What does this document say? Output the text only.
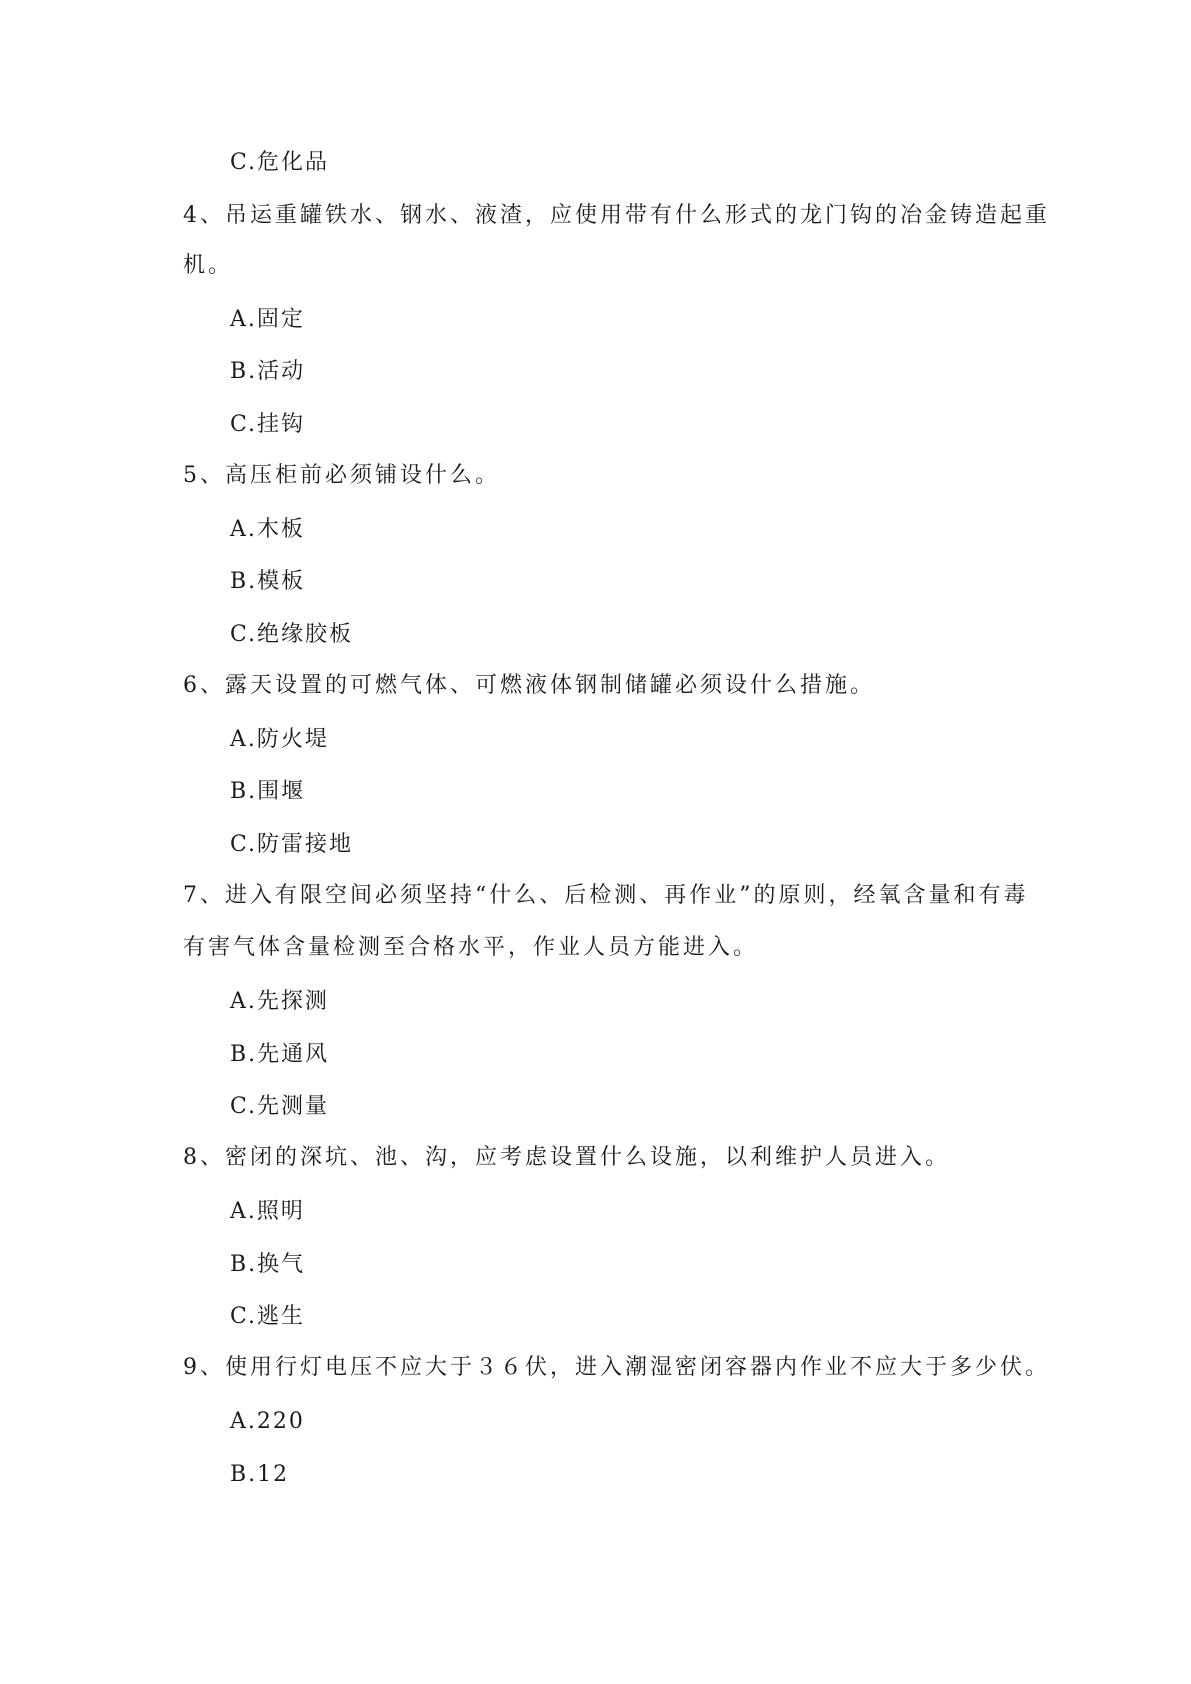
C.危化品
4、吊运重罐铁水、钢水、液渣，应使用带有什么形式的龙门钩的冶金铸造起重
机。
A.固定
B.活动
C.挂钩
5、高压柜前必须铺设什么。
A.木板
B.模板
C.绝缘胶板
6、露天设置的可燃气体、可燃液体钢制储罐必须设什么措施。
A.防火堤
B.围堰
C.防雷接地
7、进入有限空间必须坚持“什么、后检测、再作业”的原则，经氧含量和有毒
有害气体含量检测至合格水平，作业人员方能进入。
A.先探测
B.先通风
C.先测量
8、密闭的深坑、池、沟，应考虑设置什么设施，以利维护人员进入。
A.照明
B.换气
C.逃生
9、使用行灯电压不应大于３６伏，进入潮湿密闭容器内作业不应大于多少伏。
A.220
B.12
